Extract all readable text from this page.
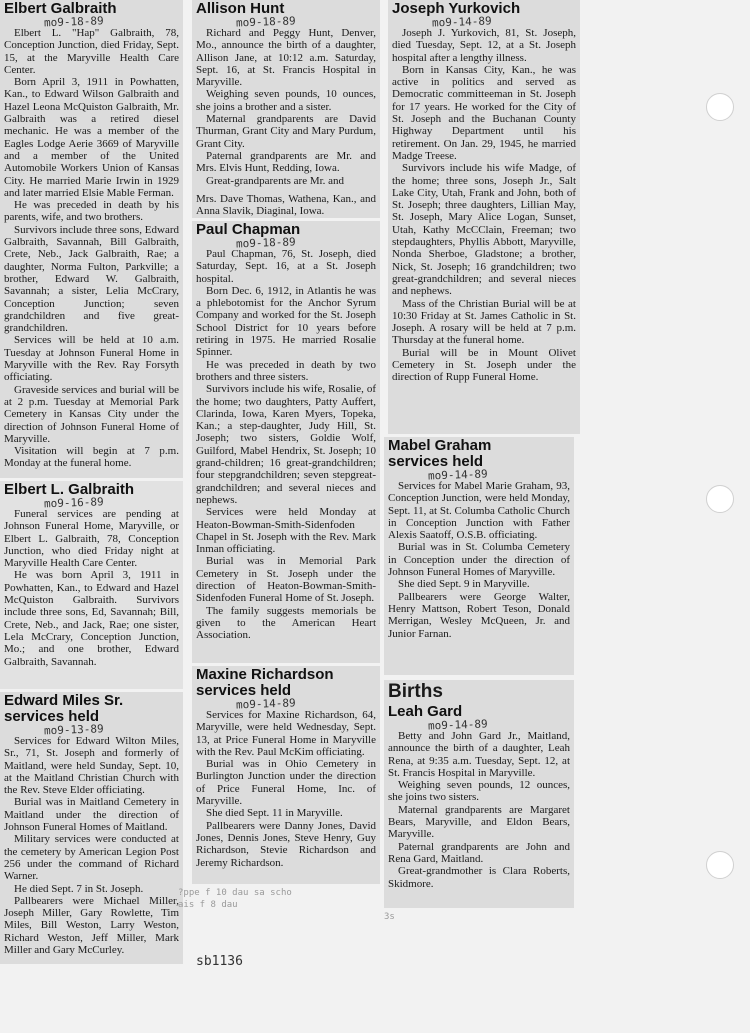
Elbert Galbraith
mo9-18-89

Elbert L. "Hap" Galbraith, 78, Conception Junction, died Friday, Sept. 15, at the Maryville Health Care Center.

Born April 3, 1911 in Powhatten, Kan., to Edward Wilson Galbraith and Hazel Leona McQuiston Galbraith, Mr. Galbraith was a retired diesel mechanic. He was a member of the Eagles Lodge Aerie 3669 of Maryville and a member of the United Automobile Workers Union of Kansas City. He married Marie Irwin in 1929 and later married Elsie Mable Ferman.

He was preceded in death by his parents, wife, and two brothers.

Survivors include three sons, Edward Galbraith, Savannah, Bill Galbraith, Crete, Neb., Jack Galbraith, Rae; a daughter, Norma Fulton, Parkville; a brother, Edward W. Galbraith, Savannah; a sister, Lelia McCrary, Conception Junction; seven grandchildren and five great-grandchildren.

Services will be held at 10 a.m. Tuesday at Johnson Funeral Home in Maryville with the Rev. Ray Forsyth officiating.

Graveside services and burial will be at 2 p.m. Tuesday at Memorial Park Cemetery in Kansas City under the direction of Johnson Funeral Home of Maryville.

Visitation will begin at 7 p.m. Monday at the funeral home.

Elbert L. Galbraith
mo9-16-89

Funeral services are pending at Johnson Funeral Home, Maryville, or Elbert L. Galbraith, 78, Conception Junction, who died Friday night at Maryville Health Care Center.

He was born April 3, 1911 in Powhatten, Kan., to Edward and Hazel McQuiston Galbraith. Survivors include three sons, Ed, Savannah; Bill, Crete, Neb., and Jack, Rae; one sister, Lela McCrary, Conception Junction, Mo.; and one brother, Edward Galbraith, Savannah.

Edward Miles Sr. services held
mo9-13-89

Services for Edward Wilton Miles, Sr., 71, St. Joseph and formerly of Maitland, were held Sunday, Sept. 10, at the Maitland Christian Church with the Rev. Steve Elder officiating.

Burial was in Maitland Cemetery in Maitland under the direction of Johnson Funeral Homes of Maitland.

Military services were conducted at the cemetery by American Legion Post 256 under the command of Richard Warner.

He died Sept. 7 in St. Joseph.

Pallbearers were Michael Miller, Joseph Miller, Gary Rowlette, Tim Miles, Bill Weston, Larry Weston, Richard Weston, Jeff Miller, Mark Miller and Gary McCurley.

Allison Hunt
mo9-18-89

Richard and Peggy Hunt, Denver, Mo., announce the birth of a daughter, Allison Jane, at 10:12 a.m. Saturday, Sept. 16, at St. Francis Hospital in Maryville.

Weighing seven pounds, 10 ounces, she joins a brother and a sister.

Maternal grandparents are David Thurman, Grant City and Mary Purdum, Grant City.

Paternal grandparents are Mr. and Mrs. Elvis Hunt, Redding, Iowa.

Great-grandparents are Mr. and

Mrs. Dave Thomas, Wathena, Kan., and Anna Slavik, Diaginal, Iowa.

Paul Chapman
mo9-18-89

Paul Chapman, 76, St. Joseph, died Saturday, Sept. 16, at a St. Joseph hospital.

Born Dec. 6, 1912, in Atlantis he was a phlebotomist for the Anchor Syrum Company and worked for the St. Joseph School District for 10 years before retiring in 1975. He married Rosalie Spinner.

He was preceded in death by two brothers and three sisters.

Survivors include his wife, Rosalie, of the home; two daughters, Patty Auffert, Clarinda, Iowa, Karen Myers, Topeka, Kan.; a step-daughter, Judy Hill, St. Joseph; two sisters, Goldie Wolf, Guilford, Mabel Hendrix, St. Joseph; 10 grand-children; 16 great-grandchildren; four stepgrandchildren; seven stepgreat-grandchildren; and several nieces and nephews.

Services were held Monday at Heaton-Bowman-Smith-Sidenfoden Chapel in St. Joseph with the Rev. Mark Inman officiating.

Burial was in Memorial Park Cemetery in St. Joseph under the direction of Heaton-Bowman-Smith-Sidenfoden Funeral Home of St. Joseph.

The family suggests memorials be given to the American Heart Association.

Maxine Richardson services held
mo9-14-89

Services for Maxine Richardson, 64, Maryville, were held Wednesday, Sept. 13, at Price Funeral Home in Maryville with the Rev. Paul McKim officiating.

Burial was in Ohio Cemetery in Burlington Junction under the direction of Price Funeral Home, Inc. of Maryville.

She died Sept. 11 in Maryville.

Pallbearers were Danny Jones, David Jones, Dennis Jones, Steve Henry, Guy Richardson, Stevie Richardson and Jeremy Richardson.

?ppe f 10 dau sa scho
ais f 8 dau
3s
Joseph Yurkovich
mo9-14-89

Joseph J. Yurkovich, 81, St. Joseph, died Tuesday, Sept. 12, at a St. Joseph hospital after a lengthy illness.

Born in Kansas City, Kan., he was active in politics and served as Democratic committeeman in St. Joseph for 17 years. He worked for the City of St. Joseph and the Buchanan County Highway Department until his retirement. On Jan. 29, 1945, he married Madge Treese.

Survivors include his wife Madge, of the home; three sons, Joseph Jr., Salt Lake City, Utah, Frank and John, both of St. Joseph; three daughters, Lillian May, St. Joseph, Mary Alice Logan, Sunset, Utah, Kathy McCClain, Freeman; two stepdaughters, Phyllis Abbott, Maryville, Nonda Sherboe, Gladstone; a brother, Nick, St. Joseph; 16 grandchildren; two great-grandchildren; and several nieces and nephews.

Mass of the Christian Burial will be at 10:30 Friday at St. James Catholic in St. Joseph. A rosary will be held at 7 p.m. Thursday at the funeral home.

Burial will be in Mount Olivet Cemetery in St. Joseph under the direction of Rupp Funeral Home.

Mabel Graham services held
mo9-14-89

Services for Mabel Marie Graham, 93, Conception Junction, were held Monday, Sept. 11, at St. Columba Catholic Church in Conception Junction with Father Alexis Saatoff, O.S.B. officiating.

Burial was in St. Columba Cemetery in Conception under the direction of Johnson Funeral Homes of Maryville.

She died Sept. 9 in Maryville.

Pallbearers were George Walter, Henry Mattson, Robert Teson, Donald Merrigan, Wesley McQueen, Jr. and Junior Farnan.

Births
Leah Gard
mo9-14-89

Betty and John Gard Jr., Maitland, announce the birth of a daughter, Leah Rena, at 9:35 a.m. Tuesday, Sept. 12, at St. Francis Hospital in Maryville.

Weighing seven pounds, 12 ounces, she joins two sisters.

Maternal grandparents are Margaret Bears, Maryville, and Eldon Bears, Maryville.

Paternal grandparents are John and Rena Gard, Maitland.

Great-grandmother is Clara Roberts, Skidmore.

sb1136
